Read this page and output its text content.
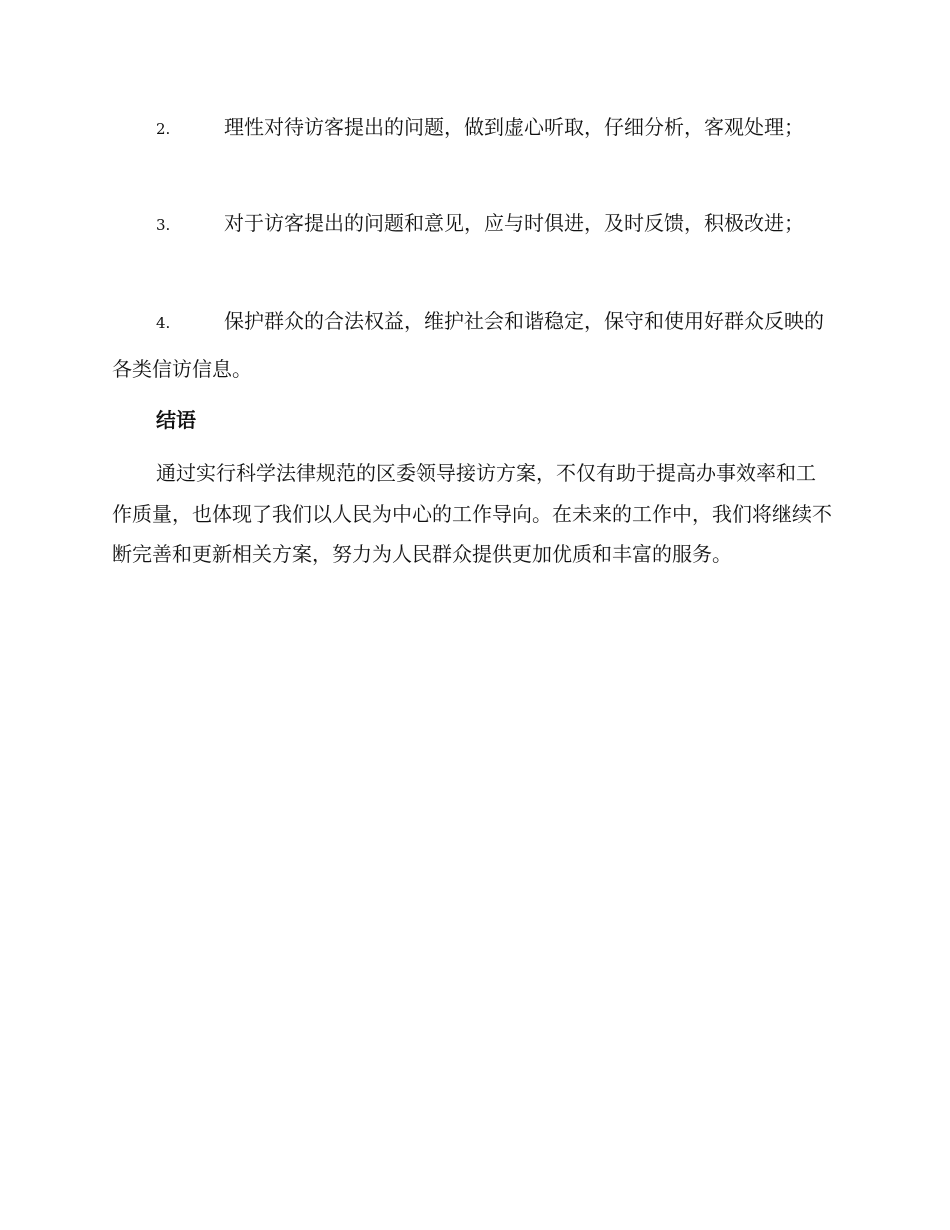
2.	理性对待访客提出的问题，做到虚心听取，仔细分析，客观处理；
3.	对于访客提出的问题和意见，应与时俱进，及时反馈，积极改进；
4.	保护群众的合法权益，维护社会和谐稳定，保守和使用好群众反映的各类信访信息。
结语

通过实行科学法律规范的区委领导接访方案，不仅有助于提高办事效率和工作质量，也体现了我们以人民为中心的工作导向。在未来的工作中，我们将继续不断完善和更新相关方案，努力为人民群众提供更加优质和丰富的服务。
